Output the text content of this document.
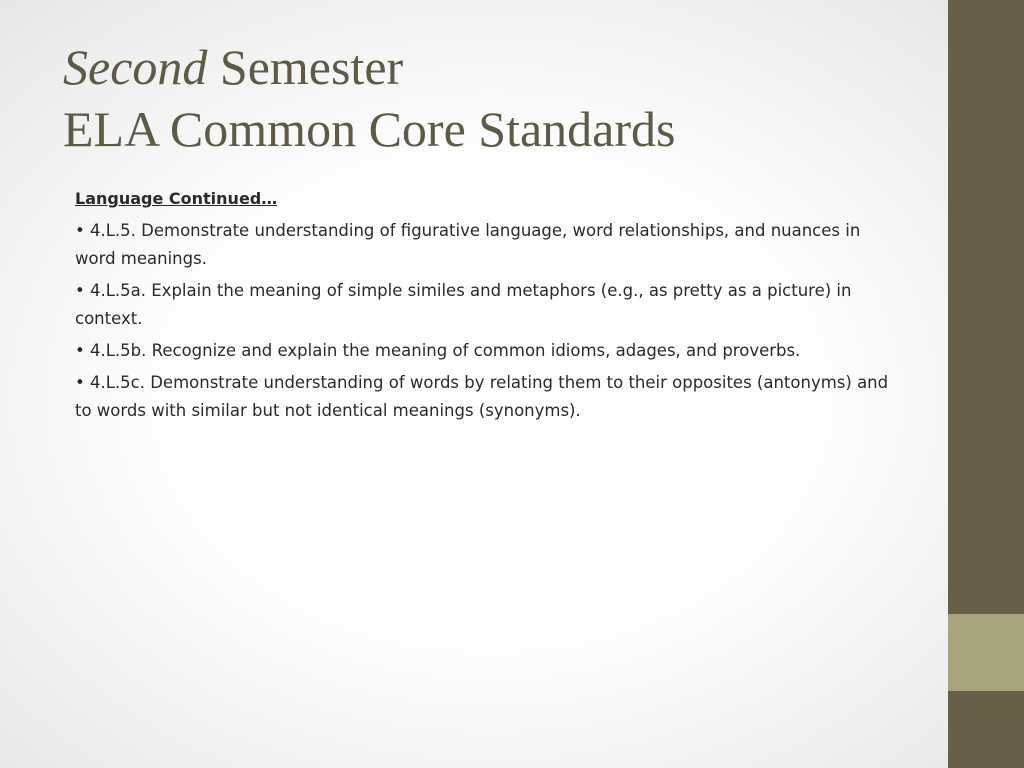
Second Semester
ELA Common Core Standards

Language Continued…

• 4.L.5. Demonstrate understanding of figurative language, word relationships, and nuances in word meanings.

• 4.L.5a. Explain the meaning of simple similes and metaphors (e.g., as pretty as a picture) in context.

• 4.L.5b. Recognize and explain the meaning of common idioms, adages, and proverbs.

• 4.L.5c. Demonstrate understanding of words by relating them to their opposites (antonyms) and to words with similar but not identical meanings (synonyms).
